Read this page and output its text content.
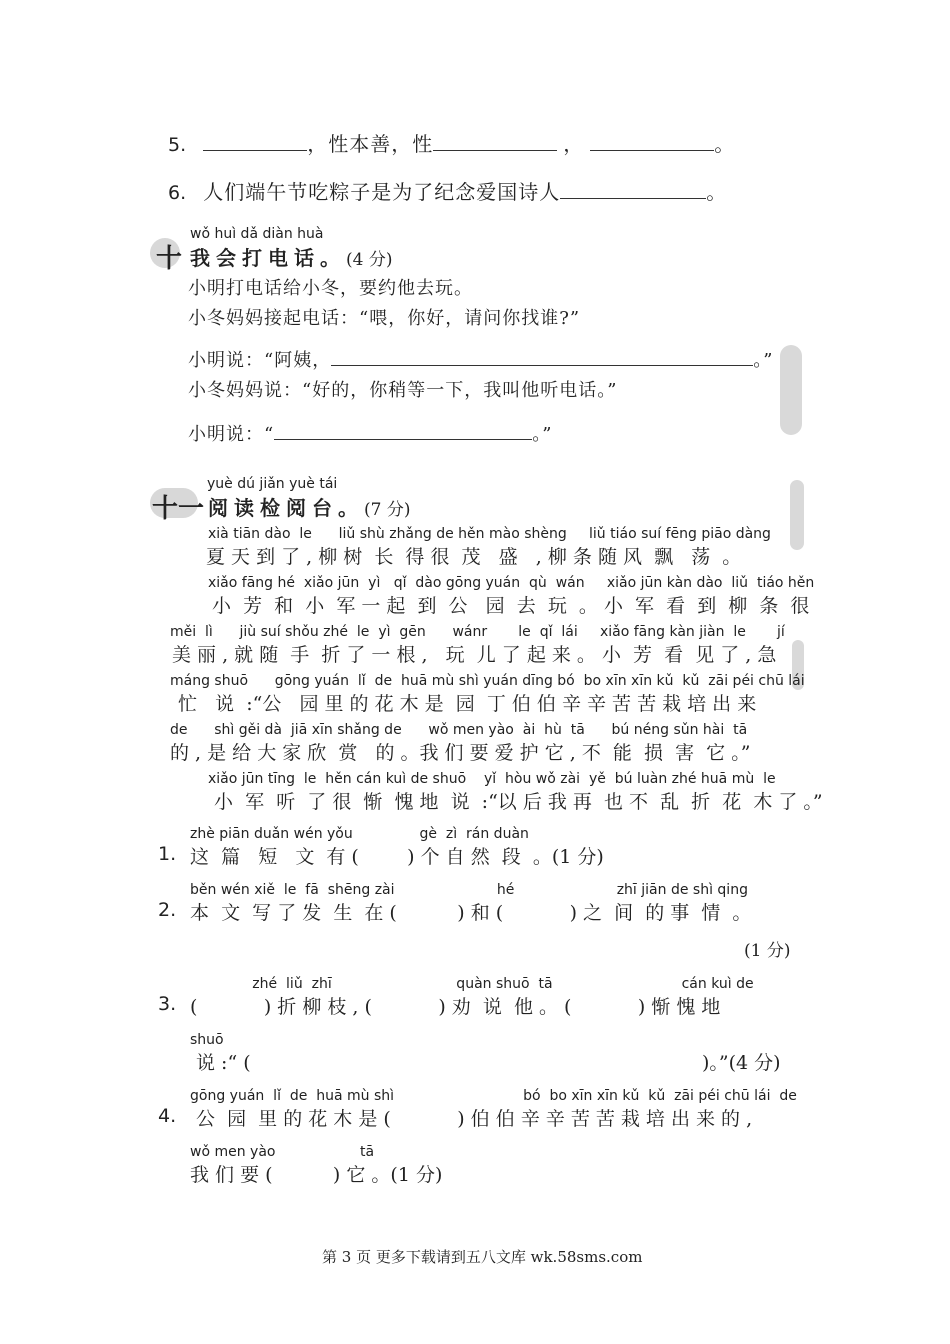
5.	，性本善，性	，	。
6. 人们端午节吃粽子是为了纪念爱国诗人	。
wǒ huì dǎ diàn huà
十 我会打电话。(4 分)
小明打电话给小冬，要约他去玩。
小冬妈妈接起电话：“喂，你好，请问你找谁?”
小明说：“阿姨，	。”
小冬妈妈说：“好的，你稍等一下，我叫他听电话。”
小明说：“	。”
yuè dú jiǎn yuè tái
十一 阅读检阅台。(7 分)
xià tiān dào  le      liǔ shù zhǎng de hěn mào shèng     liǔ tiáo suí fēng piāo dàng
夏 天 到 了 , 柳 树  长  得 很  茂   盛   , 柳 条 随 风  飘   荡  。
xiǎo fāng hé  xiǎo jūn  yì   qǐ  dào gōng yuán  qù  wán     xiǎo jūn kàn dào  liǔ  tiáo hěn
小  芳  和  小  军 一 起  到  公   园  去  玩  。 小  军  看  到  柳  条  很
měi  lì      jiù suí shǒu zhé  le  yì  gēn      wánr       le  qǐ  lái     xiǎo fāng kàn jiàn  le       jí
美 丽 , 就 随  手  折 了 一 根 ,   玩  儿 了 起 来 。 小  芳  看  见 了 , 急
máng shuō      gōng yuán  lǐ  de  huā mù shì yuán dīng bó  bo xīn xīn kǔ  kǔ  zāi péi chū lái
忙   说  :“公   园 里 的 花 木 是  园  丁 伯 伯 辛 辛 苦 苦 栽 培 出 来
de      shì gěi dà  jiā xīn shǎng de      wǒ men yào  ài  hù  tā      bú néng sǔn hài  tā
的 , 是 给 大 家 欣  赏   的 。我 们 要 爱 护 它 , 不  能  损  害  它 。”
xiǎo jūn tīng  le  hěn cán kuì de shuō    yǐ  hòu wǒ zài  yě  bú luàn zhé huā mù  le
小  军  听  了 很  惭  愧 地  说  :“以 后 我 再  也 不  乱  折  花  木 了 。”
zhè piān duǎn wén yǒu               gè  zì  rán duàn
1. 这  篇   短   文  有 (        ) 个 自 然  段  。(1 分)
běn wén xiě  le  fā  shēng zài                       hé                       zhī jiān de shì qing
2. 本  文  写 了 发  生  在 (          ) 和 (           ) 之  间  的 事  情  。
(1 分)
zhé  liǔ  zhī                            quàn shuō  tā                             cán kuì de
3. (           ) 折 柳 枝 , (           ) 劝  说  他 。 (           ) 惭 愧 地
shuō
说 :“ (	)。”(4 分)
gōng yuán  lǐ  de  huā mù shì                             bó  bo xīn xīn kǔ  kǔ  zāi péi chū lái  de
4. 公  园  里 的 花 木 是 (           ) 伯 伯 辛 辛 苦 苦 栽 培 出 来 的 ,
wǒ men yào                   tā
我 们 要 (          ) 它 。(1 分)
第 3 页 更多下载请到五八文库 wk.58sms.com
